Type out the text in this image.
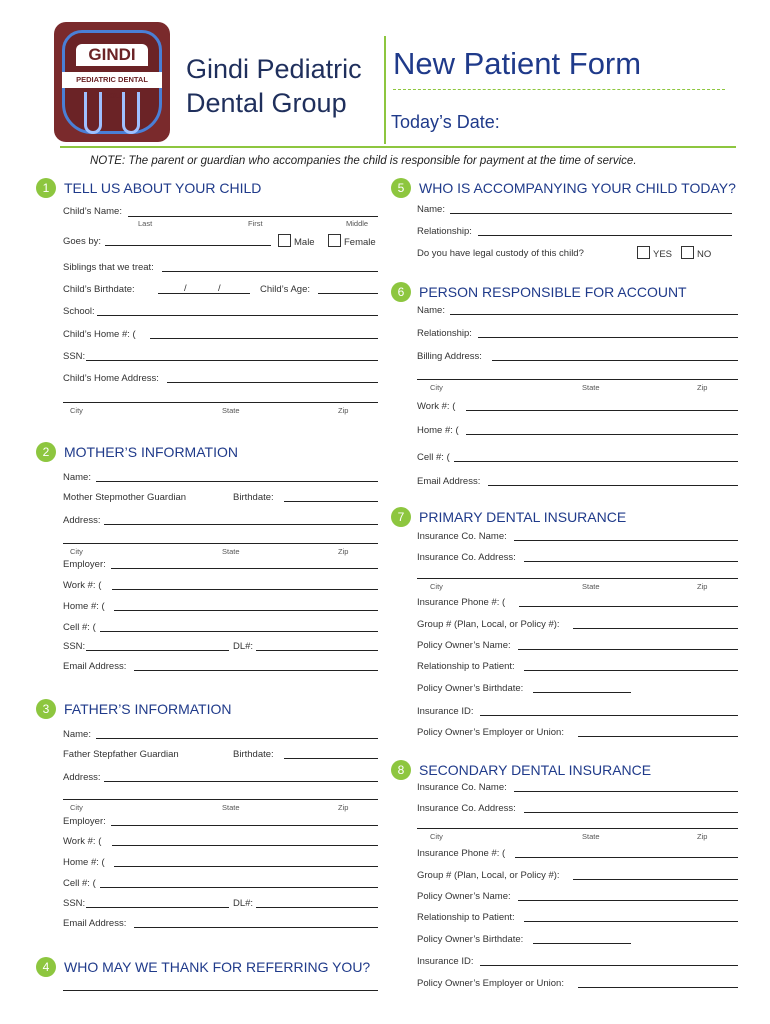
GINDI
PEDIATRIC DENTAL GROUP
Gindi Pediatric
Dental Group
New Patient Form
Today’s Date:
NOTE: The parent or guardian who accompanies the child is responsible for payment at the time of service.
1 TELL US ABOUT YOUR CHILD
Child’s Name:
Last	First	Middle
Goes by:	Male	Female
Siblings that we treat:
Child’s Birthdate:	/	/	Child’s Age:
School:
Child’s Home #: (
SSN:
Child’s Home Address:
City	State	Zip
2 MOTHER’S INFORMATION
Name:
Mother Stepmother Guardian	Birthdate:
Address:
City	State	Zip
Employer:
Work #: (
Home #: (
Cell #: (
SSN:	DL#:
Email Address:
3 FATHER’S INFORMATION
Name:
Father Stepfather Guardian	Birthdate:
Address:
City	State	Zip
Employer:
Work #: (
Home #: (
Cell #: (
SSN:	DL#:
Email Address:
4 WHO MAY WE THANK FOR REFERRING YOU?
5 WHO IS ACCOMPANYING YOUR CHILD TODAY?
Name:
Relationship:
Do you have legal custody of this child?	YES	NO
6 PERSON RESPONSIBLE FOR ACCOUNT
Name:
Relationship:
Billing Address:
City	State	Zip
Work #: (
Home #: (
Cell #: (
Email Address:
7 PRIMARY DENTAL INSURANCE
Insurance Co. Name:
Insurance Co. Address:
City	State	Zip
Insurance Phone #: (
Group # (Plan, Local, or Policy #):
Policy Owner’s Name:
Relationship to Patient:
Policy Owner’s Birthdate:
Insurance ID:
Policy Owner’s Employer or Union:
8 SECONDARY DENTAL INSURANCE
Insurance Co. Name:
Insurance Co. Address:
City	State	Zip
Insurance Phone #: (
Group # (Plan, Local, or Policy #):
Policy Owner’s Name:
Relationship to Patient:
Policy Owner’s Birthdate:
Insurance ID:
Policy Owner’s Employer or Union:
